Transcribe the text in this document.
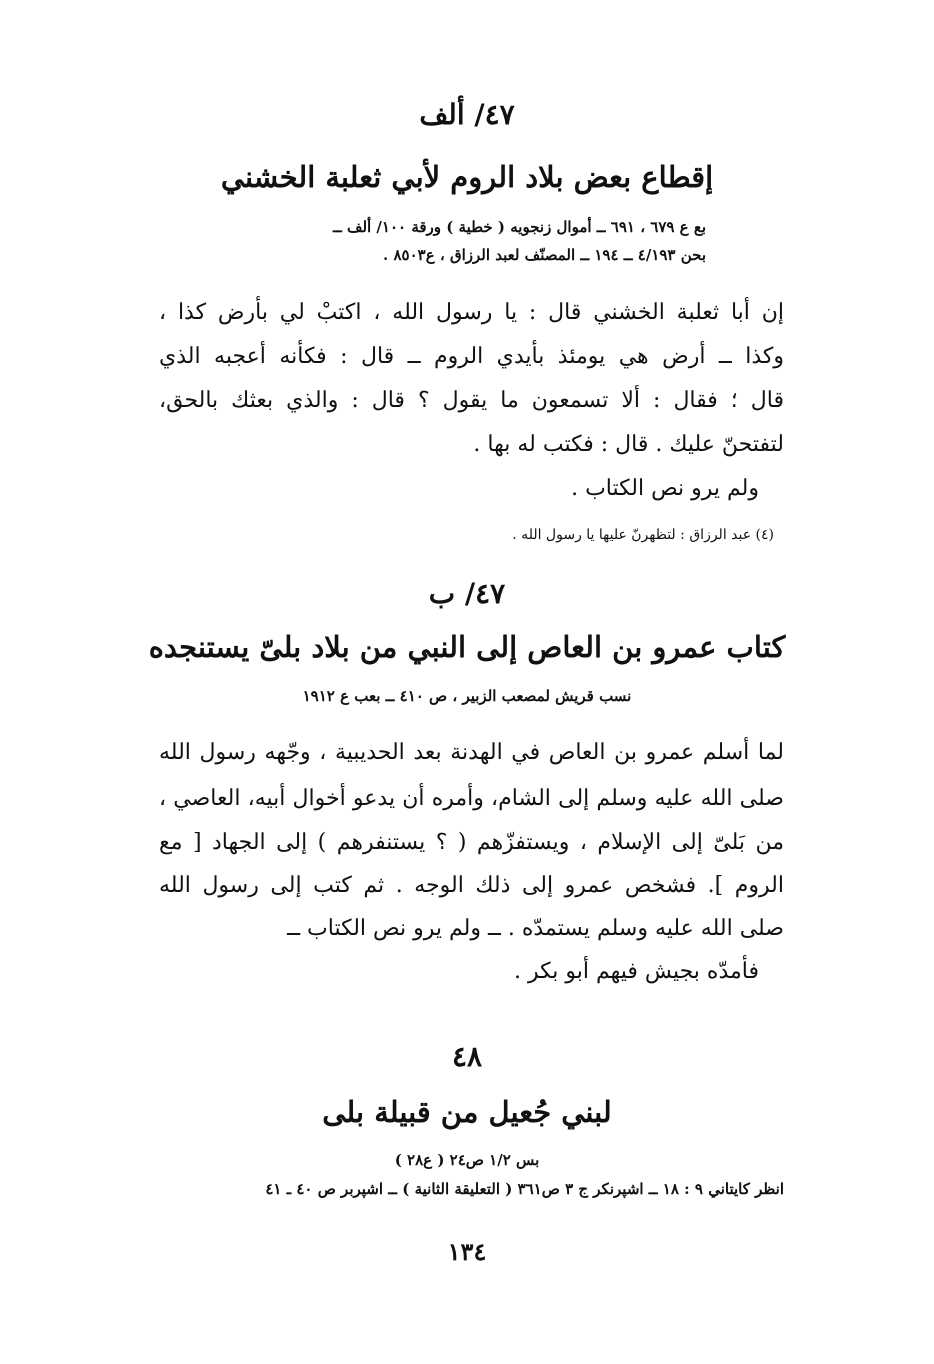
٤٧/ ألف
إقطاع بعض بلاد الروم لأبي ثعلبة الخشني
بع ع ٦٧٩ ، ٦٩١ ــ أموال زنجويه ( خطية ) ورقة ١٠٠/ ألف ــ
بحن ٤/١٩٣ ــ ١٩٤ ــ المصنّف لعبد الرزاق ، ع٨٥٠٣ .
إن أبا ثعلبة الخشني قال : يا رسول الله ، اكتبْ لي بأرض كذا ،
وكذا ــ أرض هي يومئذ بأيدي الروم ــ قال : فكأنه أعجبه الذي
قال ؛ فقال : ألا تسمعون ما يقول ؟ قال : والذي بعثك بالحق،
لتفتحنّ عليك . قال : فكتب له بها .
ولم يرو نص الكتاب .
(٤) عبد الرزاق : لتظهرنّ عليها يا رسول الله .
٤٧/ ب
كتاب عمرو بن العاص إلى النبي من بلاد بلىّ يستنجده
نسب قريش لمصعب الزبير ، ص ٤١٠ ــ بعب ع ١٩١٢
لما أسلم عمرو بن العاص في الهدنة بعد الحديبية ، وجّهه رسول الله
صلى الله عليه وسلم إلى الشام، وأمره أن يدعو أخوال أبيه، العاصي ،
من بَلىّ إلى الإسلام ، ويستفزّهم ( ؟ يستنفرهم ) إلى الجهاد [ مع
الروم ]. فشخص عمرو إلى ذلك الوجه . ثم كتب إلى رسول الله
صلى الله عليه وسلم يستمدّه . ــ ولم يرو نص الكتاب ــ
فأمدّه بجيش فيهم أبو بكر .
٤٨
لبني جُعيل من قبيلة بلى
بس ١/٢ ص٢٤ ( ع٢٨ )
انظر كايتاني ٩ : ١٨ ــ اشپرنكر ج ٣ ص٣٦١ ( التعليقة الثانية ) ــ اشپربر ص ٤٠ ـ ٤١
١٣٤
